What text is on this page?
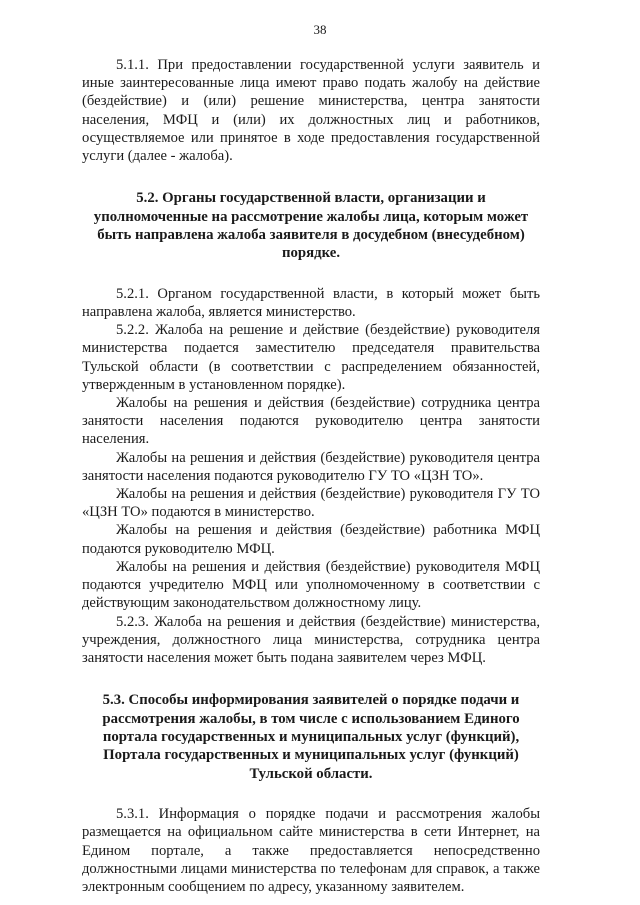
38

5.1.1. При предоставлении государственной услуги заявитель и иные заинтересованные лица имеют право подать жалобу на действие (бездействие) и (или) решение министерства, центра занятости населения, МФЦ и (или) их должностных лиц и работников, осуществляемое или принятое в ходе предоставления государственной услуги (далее - жалоба).

5.2. Органы государственной власти, организации и уполномоченные на рассмотрение жалобы лица, которым может быть направлена жалоба заявителя в досудебном (внесудебном) порядке.

5.2.1. Органом государственной власти, в который может быть направлена жалоба, является министерство.

5.2.2. Жалоба на решение и действие (бездействие) руководителя министерства подается заместителю председателя правительства Тульской области (в соответствии с распределением обязанностей, утвержденным в установленном порядке).

Жалобы на решения и действия (бездействие) сотрудника центра занятости населения подаются руководителю центра занятости населения.

Жалобы на решения и действия (бездействие) руководителя центра занятости населения подаются руководителю ГУ ТО «ЦЗН ТО».

Жалобы на решения и действия (бездействие) руководителя ГУ ТО «ЦЗН ТО» подаются в министерство.

Жалобы на решения и действия (бездействие) работника МФЦ подаются руководителю МФЦ.

Жалобы на решения и действия (бездействие) руководителя МФЦ подаются учредителю МФЦ или уполномоченному в соответствии с действующим законодательством должностному лицу.

5.2.3. Жалоба на решения и действия (бездействие) министерства, учреждения, должностного лица министерства, сотрудника центра занятости населения может быть подана заявителем через МФЦ.

5.3. Способы информирования заявителей о порядке подачи и рассмотрения жалобы, в том числе с использованием Единого портала государственных и муниципальных услуг (функций), Портала государственных и муниципальных услуг (функций) Тульской области.

5.3.1. Информация о порядке подачи и рассмотрения жалобы размещается на официальном сайте министерства в сети Интернет, на Едином портале, а также предоставляется непосредственно должностными лицами министерства по телефонам для справок, а также электронным сообщением по адресу, указанному заявителем.
